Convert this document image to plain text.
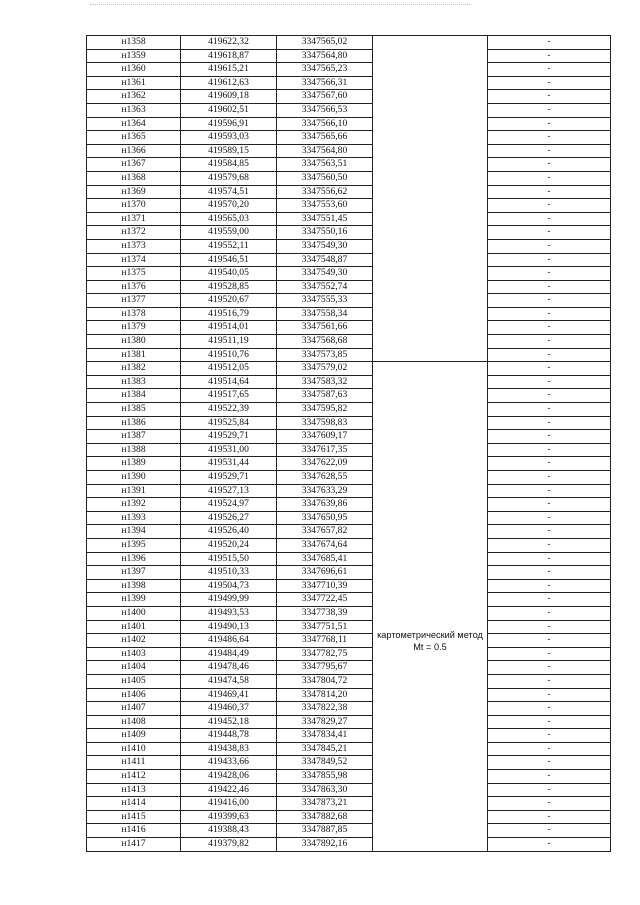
н1358	419622,32	3347565,02		-
н1359	419618,87	3347564,80		-
н1360	419615,21	3347565,23		-
н1361	419612,63	3347566,31		-
н1362	419609,18	3347567,60		-
н1363	419602,51	3347566,53		-
н1364	419596,91	3347566,10		-
н1365	419593,03	3347565,66		-
н1366	419589,15	3347564,80		-
н1367	419584,85	3347563,51		-
н1368	419579,68	3347560,50		-
н1369	419574,51	3347556,62		-
н1370	419570,20	3347553,60		-
н1371	419565,03	3347551,45		-
н1372	419559,00	3347550,16		-
н1373	419552,11	3347549,30		-
н1374	419546,51	3347548,87		-
н1375	419540,05	3347549,30		-
н1376	419528,85	3347552,74		-
н1377	419520,67	3347555,33		-
н1378	419516,79	3347558,34		-
н1379	419514,01	3347561,66		-
н1380	419511,19	3347568,68		-
н1381	419510,76	3347573,85		-
н1382	419512,05	3347579,02	картометрический метод Mt = 0.5	-
н1383	419514,64	3347583,32		-
н1384	419517,65	3347587,63		-
н1385	419522,39	3347595,82		-
н1386	419525,84	3347598,83		-
н1387	419529,71	3347609,17		-
н1388	419531,00	3347617,35		-
н1389	419531,44	3347622,09		-
н1390	419529,71	3347628,55		-
н1391	419527,13	3347633,29		-
н1392	419524,97	3347639,86		-
н1393	419526,27	3347650,95		-
н1394	419526,40	3347657,82		-
н1395	419520,24	3347674,64		-
н1396	419515,50	3347685,41		-
н1397	419510,33	3347696,61		-
н1398	419504,73	3347710,39		-
н1399	419499,99	3347722,45		-
н1400	419493,53	3347738,39		-
н1401	419490,13	3347751,51		-
н1402	419486,64	3347768,11		-
н1403	419484,49	3347782,75		-
н1404	419478,46	3347795,67		-
н1405	419474,58	3347804,72		-
н1406	419469,41	3347814,20		-
н1407	419460,37	3347822,38		-
н1408	419452,18	3347829,27		-
н1409	419448,78	3347834,41		-
н1410	419438,83	3347845,21		-
н1411	419433,66	3347849,52		-
н1412	419428,06	3347855,98		-
н1413	419422,46	3347863,30		-
н1414	419416,00	3347873,21		-
н1415	419399,63	3347882,68		-
н1416	419388,43	3347887,85		-
н1417	419379,82	3347892,16		-
